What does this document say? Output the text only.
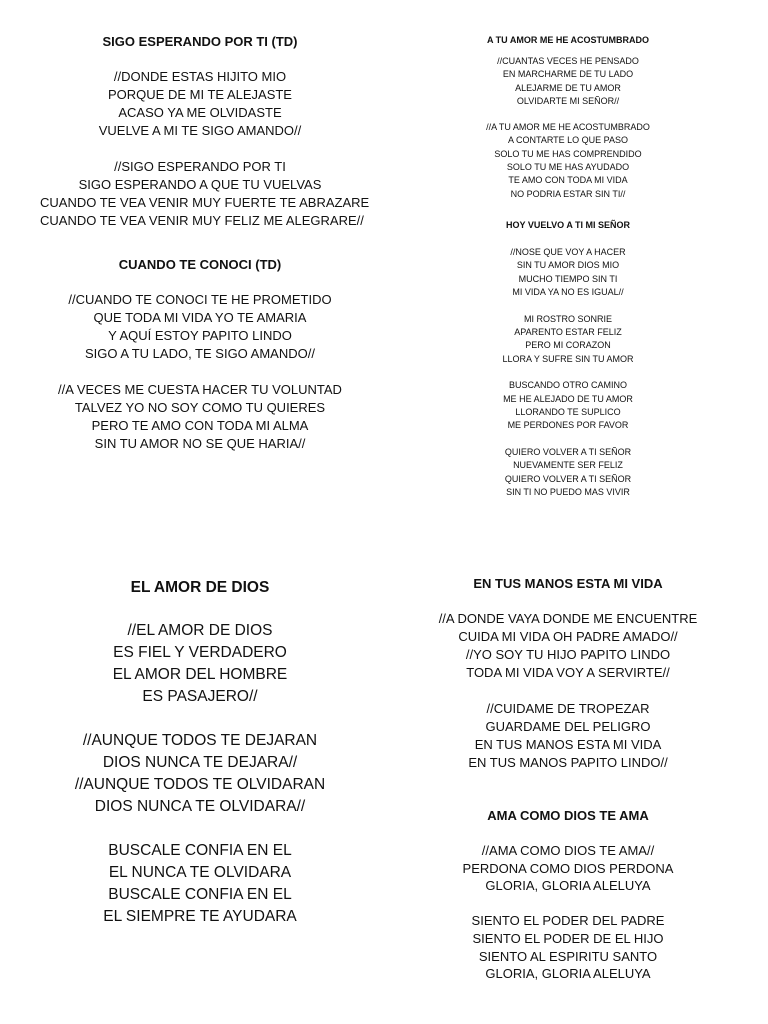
SIGO ESPERANDO POR TI (TD)

//DONDE ESTAS HIJITO MIO
PORQUE DE MI TE ALEJASTE
ACASO YA ME OLVIDASTE
VUELVE A MI TE SIGO AMANDO//

//SIGO ESPERANDO POR TI
SIGO ESPERANDO A QUE TU VUELVAS
CUANDO TE VEA VENIR MUY FUERTE TE ABRAZARE
CUANDO TE VEA VENIR MUY FELIZ ME ALEGRARE//

CUANDO TE CONOCI (TD)

//CUANDO TE CONOCI TE HE PROMETIDO
QUE TODA MI VIDA YO TE AMARIA
Y AQUÍ ESTOY PAPITO LINDO
SIGO A TU LADO, TE SIGO AMANDO//

//A VECES ME CUESTA HACER TU VOLUNTAD
TALVEZ YO NO SOY COMO TU QUIERES
PERO TE AMO CON TODA MI ALMA
SIN TU AMOR NO SE QUE HARIA//

A TU AMOR ME HE ACOSTUMBRADO

//CUANTAS VECES HE PENSADO
EN MARCHARME DE TU LADO
ALEJARME DE TU AMOR
OLVIDARTE MI SEÑOR//

//A TU AMOR ME HE ACOSTUMBRADO
A CONTARTE LO QUE PASO
SOLO TU ME HAS COMPRENDIDO
SOLO TU ME HAS AYUDADO
TE AMO CON TODA MI VIDA
NO PODRIA ESTAR SIN TI//

HOY VUELVO A TI MI SEÑOR

//NOSE QUE VOY A HACER
SIN TU AMOR DIOS MIO
MUCHO TIEMPO SIN TI
MI VIDA YA NO ES IGUAL//

MI ROSTRO SONRIE
APARENTO ESTAR FELIZ
PERO MI CORAZON
LLORA Y SUFRE SIN TU AMOR

BUSCANDO OTRO CAMINO
ME HE ALEJADO DE TU AMOR
LLORANDO TE SUPLICO
ME PERDONES POR FAVOR

QUIERO VOLVER A TI SEÑOR
NUEVAMENTE SER FELIZ
QUIERO VOLVER A TI SEÑOR
SIN TI NO PUEDO MAS VIVIR

EL AMOR DE DIOS

//EL AMOR DE DIOS
ES FIEL Y VERDADERO
EL AMOR DEL HOMBRE
ES PASAJERO//

//AUNQUE TODOS TE DEJARAN
DIOS NUNCA TE DEJARA//
//AUNQUE TODOS TE OLVIDARAN
DIOS NUNCA TE OLVIDARA//

BUSCALE CONFIA EN EL
EL NUNCA TE OLVIDARA
BUSCALE CONFIA EN EL
EL SIEMPRE TE AYUDARA

EN TUS MANOS ESTA MI VIDA

//A DONDE VAYA DONDE ME ENCUENTRE
CUIDA MI VIDA OH PADRE AMADO//
//YO SOY TU HIJO PAPITO LINDO
TODA MI VIDA VOY A SERVIRTE//

//CUIDAME DE TROPEZAR
GUARDAME DEL PELIGRO
EN TUS MANOS ESTA MI VIDA
EN TUS MANOS PAPITO LINDO//

AMA COMO DIOS TE AMA

//AMA COMO DIOS TE AMA//
PERDONA COMO DIOS PERDONA
GLORIA, GLORIA ALELUYA

SIENTO EL PODER DEL PADRE
SIENTO EL PODER DE EL HIJO
SIENTO AL ESPIRITU SANTO
GLORIA, GLORIA ALELUYA
